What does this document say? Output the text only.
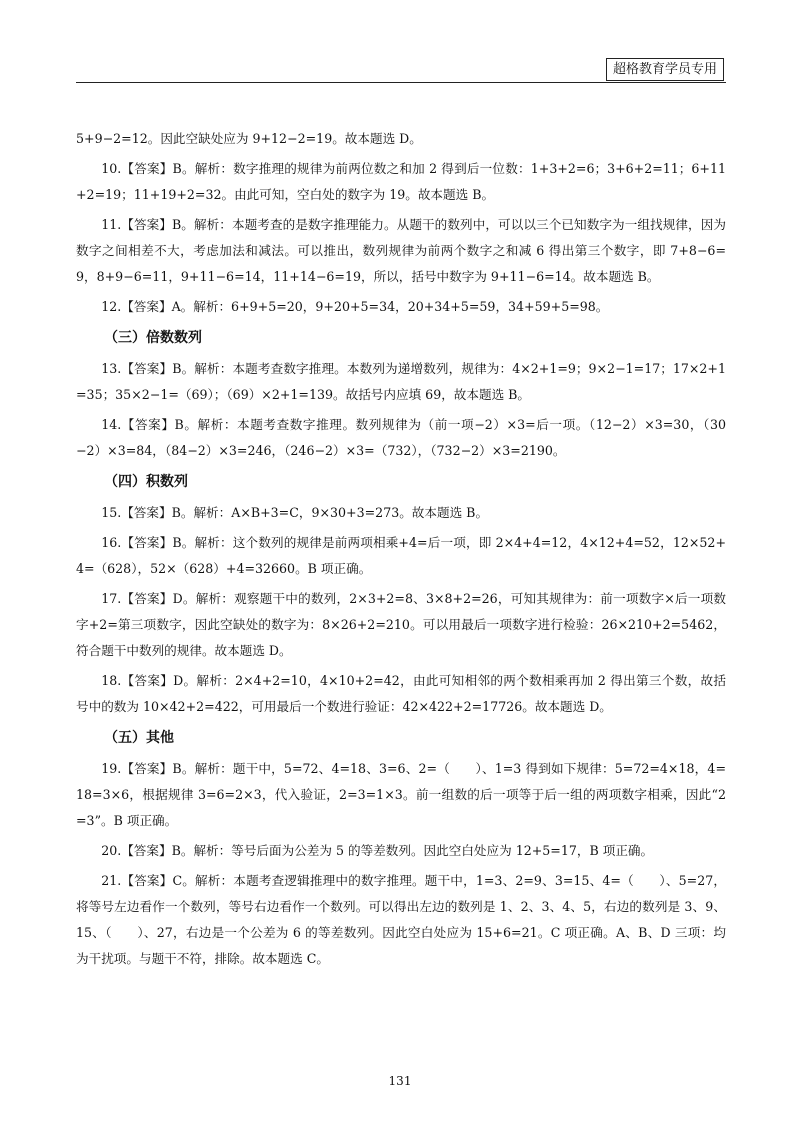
超格教育学员专用
5+9−2=12。因此空缺处应为 9+12−2=19。故本题选 D。
10.【答案】B。解析：数字推理的规律为前两位数之和加 2 得到后一位数：1+3+2=6；3+6+2=11；6+11+2=19；11+19+2=32。由此可知，空白处的数字为 19。故本题选 B。
11.【答案】B。解析：本题考查的是数字推理能力。从题干的数列中，可以以三个已知数字为一组找规律，因为数字之间相差不大，考虑加法和减法。可以推出，数列规律为前两个数字之和减 6 得出第三个数字，即 7+8−6=9，8+9−6=11，9+11−6=14，11+14−6=19，所以，括号中数字为 9+11−6=14。故本题选 B。
12.【答案】A。解析：6+9+5=20，9+20+5=34，20+34+5=59，34+59+5=98。
（三）倍数数列
13.【答案】B。解析：本题考查数字推理。本数列为递增数列，规律为：4×2+1=9；9×2−1=17；17×2+1=35；35×2−1=（69）；（69）×2+1=139。故括号内应填 69，故本题选 B。
14.【答案】B。解析：本题考查数字推理。数列规律为（前一项−2）×3=后一项。（12−2）×3=30，（30−2）×3=84，（84−2）×3=246，（246−2）×3=（732），（732−2）×3=2190。
（四）积数列
15.【答案】B。解析：A×B+3=C，9×30+3=273。故本题选 B。
16.【答案】B。解析：这个数列的规律是前两项相乘+4=后一项，即 2×4+4=12，4×12+4=52，12×52+4=（628），52×（628）+4=32660。B 项正确。
17.【答案】D。解析：观察题干中的数列，2×3+2=8、3×8+2=26，可知其规律为：前一项数字×后一项数字+2=第三项数字，因此空缺处的数字为：8×26+2=210。可以用最后一项数字进行检验：26×210+2=5462，符合题干中数列的规律。故本题选 D。
18.【答案】D。解析：2×4+2=10，4×10+2=42，由此可知相邻的两个数相乘再加 2 得出第三个数，故括号中的数为 10×42+2=422，可用最后一个数进行验证：42×422+2=17726。故本题选 D。
（五）其他
19.【答案】B。解析：题干中，5=72、4=18、3=6、2=（　　）、1=3 得到如下规律：5=72=4×18，4=18=3×6，根据规律 3=6=2×3，代入验证，2=3=1×3。前一组数的后一项等于后一组的两项数字相乘，因此“2=3”。B 项正确。
20.【答案】B。解析：等号后面为公差为 5 的等差数列。因此空白处应为 12+5=17，B 项正确。
21.【答案】C。解析：本题考查逻辑推理中的数字推理。题干中，1=3、2=9、3=15、4=（　　）、5=27，将等号左边看作一个数列，等号右边看作一个数列。可以得出左边的数列是 1、2、3、4、5，右边的数列是 3、9、15、（　　）、27，右边是一个公差为 6 的等差数列。因此空白处应为 15+6=21。C 项正确。A、B、D 三项：均为干扰项。与题干不符，排除。故本题选 C。
131
